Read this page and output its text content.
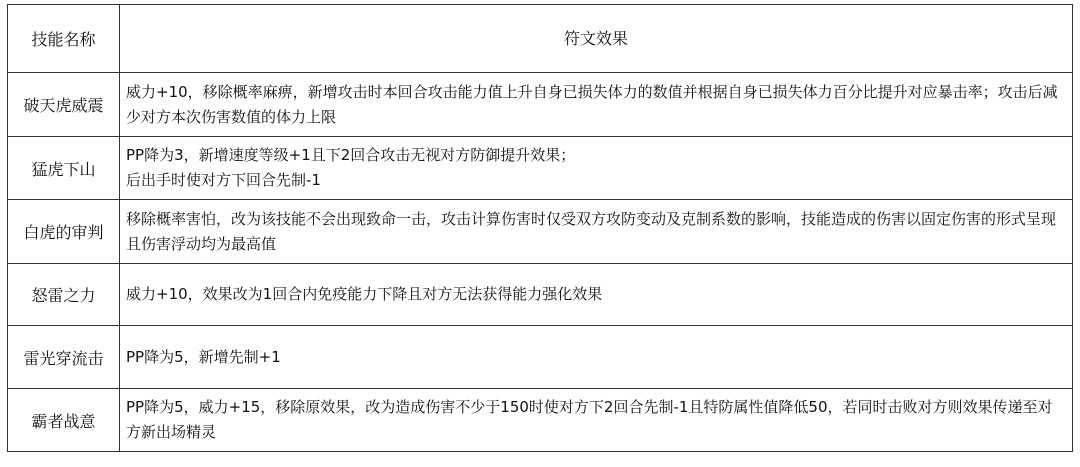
技能名称	符文效果
破天虎威震	威力+10，移除概率麻痹，新增攻击时本回合攻击能力值上升自身已损失体力的数值并根据自身已损失体力百分比提升对应暴击率；攻击后减少对方本次伤害数值的体力上限
猛虎下山	PP降为3，新增速度等级+1且下2回合攻击无视对方防御提升效果；
后出手时使对方下回合先制-1

白虎的审判	移除概率害怕，改为该技能不会出现致命一击，攻击计算伤害时仅受双方攻防变动及克制系数的影响，技能造成的伤害以固定伤害的形式呈现且伤害浮动均为最高值
怒雷之力	威力+10，效果改为1回合内免疫能力下降且对方无法获得能力强化效果
雷光穿流击	PP降为5，新增先制+1
霸者战意	PP降为5，威力+15，移除原效果，改为造成伤害不少于150时使对方下2回合先制-1且特防属性值降低50，若同时击败对方则效果传递至对方新出场精灵
